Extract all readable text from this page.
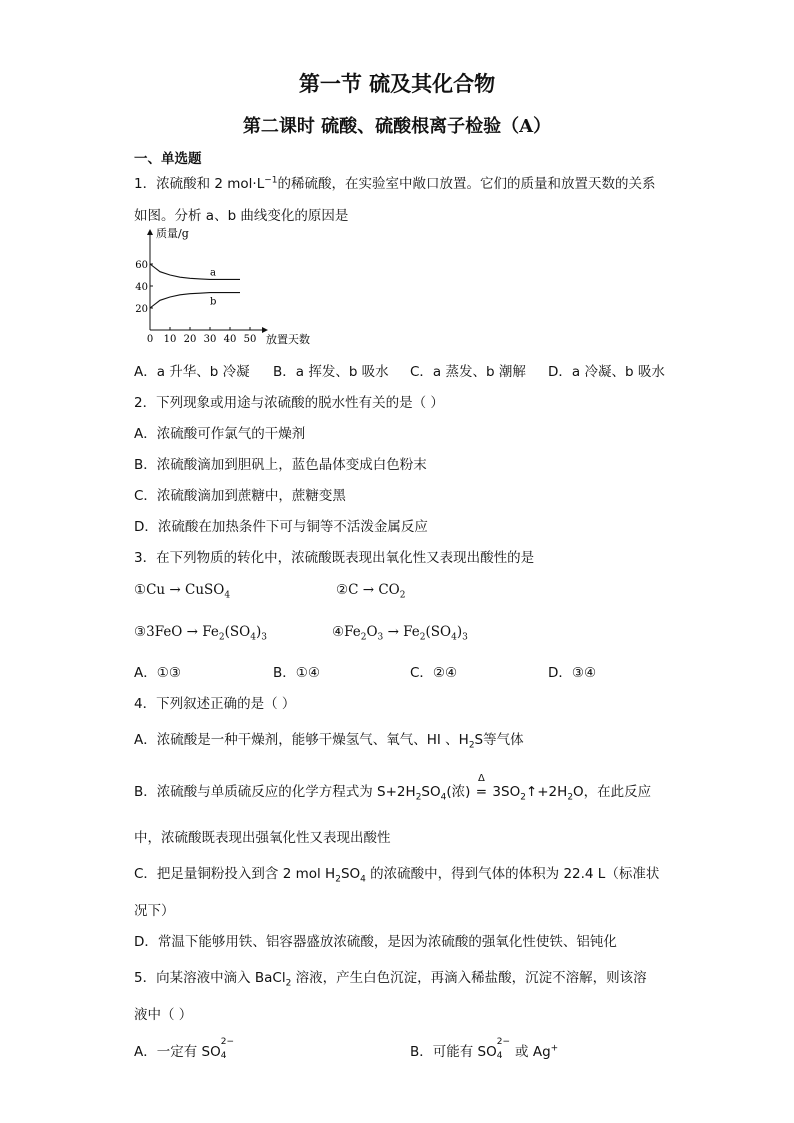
第一节 硫及其化合物
第二课时 硫酸、硫酸根离子检验（A）
一、单选题
1．浓硫酸和 2 $mol\cdot L^{-1}$的稀硫酸，在实验室中敞口放置。它们的质量和放置天数的关系
如图。分析 a、b 曲线变化的原因是
0 10 20 30 40 50
20
40
60
a
b
质量/g
放置天数
A．a 升华、b 冷凝 B．a 挥发、b 吸水 C．a 蒸发、b 潮解 D．a 冷凝、b 吸水
2．下列现象或用途与浓硫酸的脱水性有关的是（ ）
A．浓硫酸可作氯气的干燥剂
B．浓硫酸滴加到胆矾上，蓝色晶体变成白色粉末
C．浓硫酸滴加到蔗糖中，蔗糖变黑
D．浓硫酸在加热条件下可与铜等不活泼金属反应
3．在下列物质的转化中，浓硫酸既表现出氧化性又表现出酸性的是
①Cu → CuSO$_4$	②C → $CO_2$
③3FeO → $Fe_2(SO_4)_3$	$④Fe_2O_3 \to Fe_2(SO_4)_3$
A．①③	B．①④	C．②④	D．③④
4．下列叙述正确的是（ ）
A．浓硫酸是一种干燥剂，能够干燥氢气、氧气、HI 、$H_2S$等气体
B．浓硫酸与单质硫反应的化学方程式为 $S+2H_2SO_4$(浓)
Δ
= $3SO_2↑+2H_2O$，在此反应
中，浓硫酸既表现出强氧化性又表现出酸性
C．把足量铜粉投入到含 2 mol $H_2SO_4$ 的浓硫酸中，得到气体的体积为 22.4 L（标准状
况下）
D．常温下能够用铁、铝容器盛放浓硫酸，是因为浓硫酸的强氧化性使铁、铝钝化
5．向某溶液中滴入 BaCl$_2$ 溶液，产生白色沉淀，再滴入稀盐酸，沉淀不溶解，则该溶
液中（ ）
A．一定有 SO
2−
4
	B．可能有 SO
2−
4 或 Ag+
